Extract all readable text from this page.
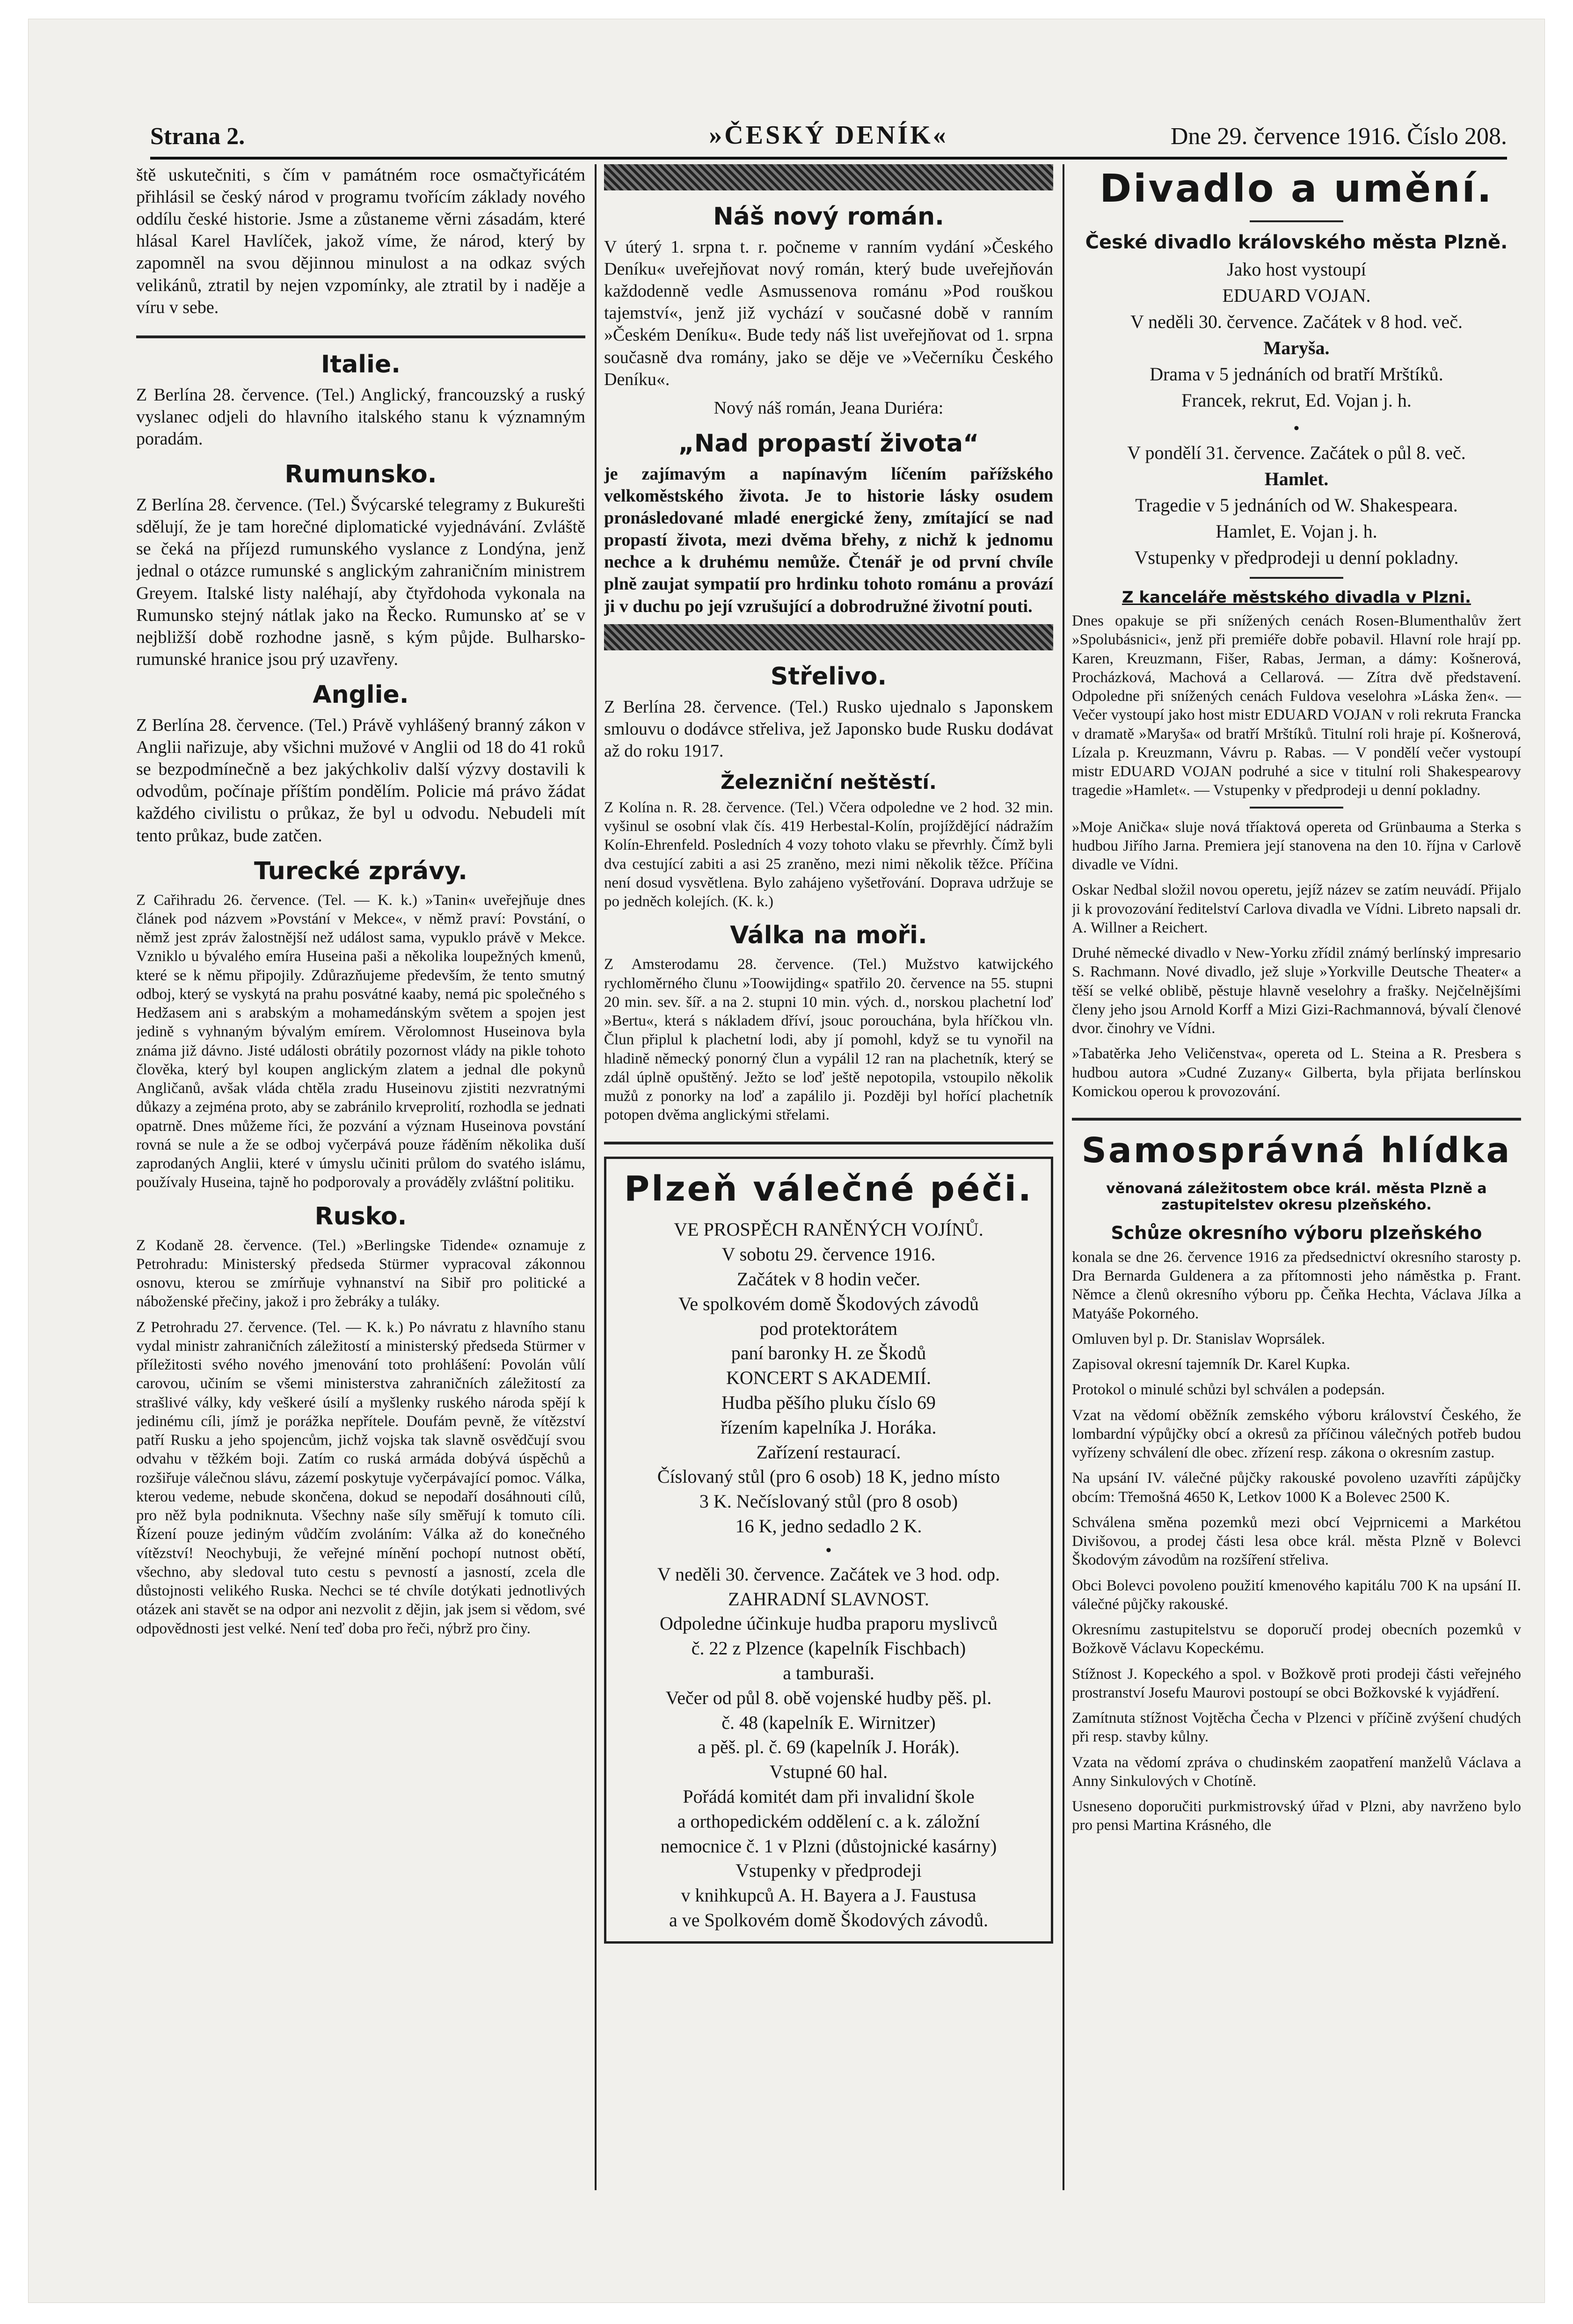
Strana 2.	»ČESKÝ DENÍK«	Dne 29. července 1916. Číslo 208.

ště uskutečniti, s čím v památném roce osmačtyřicátém přihlásil se český národ v programu tvořícím základy nového oddílu české historie. Jsme a zůstaneme věrni zásadám, které hlásal Karel Havlíček, jakož víme, že národ, který by zapomněl na svou dějinnou minulost a na odkaz svých velikánů, ztratil by nejen vzpomínky, ale ztratil by i naděje a víru v sebe.

Italie.

Z Berlína 28. července. (Tel.) Anglický, francouzský a ruský vyslanec odjeli do hlavního italského stanu k významným poradám.

Rumunsko.

Z Berlína 28. července. (Tel.) Švýcarské telegramy z Bukurešti sdělují, že je tam horečné diplomatické vyjednávání. Zvláště se čeká na příjezd rumunského vyslance z Londýna, jenž jednal o otázce rumunské s anglickým zahraničním ministrem Greyem. Italské listy naléhají, aby čtyřdohoda vykonala na Rumunsko stejný nátlak jako na Řecko. Rumunsko ať se v nejbližší době rozhodne jasně, s kým půjde. Bulharsko-rumunské hranice jsou prý uzavřeny.

Anglie.

Z Berlína 28. července. (Tel.) Právě vyhlášený branný zákon v Anglii nařizuje, aby všichni mužové v Anglii od 18 do 41 roků se bezpodmínečně a bez jakýchkoliv další výzvy dostavili k odvodům, počínaje příštím pondělím. Policie má právo žádat každého civilistu o průkaz, že byl u odvodu. Nebudeli mít tento průkaz, bude zatčen.

Turecké zprávy.

Z Cařihradu 26. července. (Tel. — K. k.) »Tanin« uveřejňuje dnes článek pod názvem »Povstání v Mekce«, v němž praví: Povstání, o němž jest zpráv žalostnější než událost sama, vypuklo právě v Mekce. Vzniklo u bývalého emíra Huseina paši a několika loupežných kmenů, které se k němu připojily. Zdůrazňujeme především, že tento smutný odboj, který se vyskytá na prahu posvátné kaaby, nemá pic společného s Hedžasem ani s arabským a mohamedánským světem a spojen jest jedině s vyhnaným bývalým emírem. Věrolomnost Huseinova byla známa již dávno. Jisté události obrátily pozornost vlády na pikle tohoto člověka, který byl koupen anglickým zlatem a jednal dle pokynů Angličanů, avšak vláda chtěla zradu Huseinovu zjistiti nezvratnými důkazy a zejména proto, aby se zabránilo krveprolití, rozhodla se jednati opatrně. Dnes můžeme říci, že pozvání a význam Huseinova povstání rovná se nule a že se odboj vyčerpává pouze řáděním několika duší zaprodaných Anglii, které v úmyslu učiniti průlom do svatého islámu, používaly Huseina, tajně ho podporovaly a prováděly zvláštní politiku.

Rusko.

Z Kodaně 28. července. (Tel.) »Berlingske Tidende« oznamuje z Petrohradu: Ministerský předseda Stürmer vypracoval zákonnou osnovu, kterou se zmírňuje vyhnanství na Sibiř pro politické a náboženské přečiny, jakož i pro žebráky a tuláky.

Z Petrohradu 27. července. (Tel. — K. k.) Po návratu z hlavního stanu vydal ministr zahraničních záležitostí a ministerský předseda Stürmer v příležitosti svého nového jmenování toto prohlášení: Povolán vůlí carovou, učiním se všemi ministerstva zahraničních záležitostí za strašlivé války, kdy veškeré úsilí a myšlenky ruského národa spějí k jedinému cíli, jímž je porážka nepřítele. Doufám pevně, že vítězství patří Rusku a jeho spojencům, jichž vojska tak slavně osvědčují svou odvahu v těžkém boji. Zatím co ruská armáda dobývá úspěchů a rozšiřuje válečnou slávu, zázemí poskytuje vyčerpávající pomoc. Válka, kterou vedeme, nebude skončena, dokud se nepodaří dosáhnouti cílů, pro něž byla podniknuta. Všechny naše síly směřují k tomuto cíli. Řízení pouze jediným vůdčím zvoláním: Válka až do konečného vítězství! Neochybuji, že veřejné mínění pochopí nutnost obětí, všechno, aby sledoval tuto cestu s pevností a jasností, zcela dle důstojnosti velikého Ruska. Nechci se té chvíle dotýkati jednotlivých otázek ani stavět se na odpor ani nezvolit z dějin, jak jsem si vědom, své odpovědnosti jest velké. Není teď doba pro řeči, nýbrž pro činy.

Náš nový román.

V úterý 1. srpna t. r. počneme v ranním vydání »Českého Deníku« uveřejňovat nový román, který bude uveřejňován každodenně vedle Asmussenova románu »Pod rouškou tajemství«, jenž již vychází v současné době v ranním »Českém Deníku«. Bude tedy náš list uveřejňovat od 1. srpna současně dva romány, jako se děje ve »Večerníku Českého Deníku«.

Nový náš román, Jeana Duriéra:

„Nad propastí života“

je zajímavým a napínavým líčením pařížského velkoměstského života. Je to historie lásky osudem pronásledované mladé energické ženy, zmítající se nad propastí života, mezi dvěma břehy, z nichž k jednomu nechce a k druhému nemůže. Čtenář je od první chvíle plně zaujat sympatií pro hrdinku tohoto románu a provází ji v duchu po její vzrušující a dobrodružné životní pouti.

Střelivo.

Z Berlína 28. července. (Tel.) Rusko ujednalo s Japonskem smlouvu o dodávce střeliva, jež Japonsko bude Rusku dodávat až do roku 1917.

Železniční neštěstí.

Z Kolína n. R. 28. července. (Tel.) Včera odpoledne ve 2 hod. 32 min. vyšinul se osobní vlak čís. 419 Herbestal-Kolín, projíždějící nádražím Kolín-Ehrenfeld. Posledních 4 vozy tohoto vlaku se převrhly. Čímž byli dva cestující zabiti a asi 25 zraněno, mezi nimi několik těžce. Příčina není dosud vysvětlena. Bylo zahájeno vyšetřování. Doprava udržuje se po jedněch kolejích. (K. k.)

Válka na moři.

Z Amsterodamu 28. července. (Tel.) Mužstvo katwijckého rychloměrného člunu »Toowijding« spatřilo 20. července na 55. stupni 20 min. sev. šíř. a na 2. stupni 10 min. vých. d., norskou plachetní loď »Bertu«, která s nákladem dříví, jsouc porouchána, byla hříčkou vln. Člun připlul k plachetní lodi, aby jí pomohl, když se tu vynořil na hladině německý ponorný člun a vypálil 12 ran na plachetník, který se zdál úplně opuštěný. Ježto se loď ještě nepotopila, vstoupilo několik mužů z ponorky na loď a zapálilo ji. Později byl hořící plachetník potopen dvěma anglickými střelami.

Plzeň válečné péči.

VE PROSPĚCH RANĚNÝCH VOJÍNŮ.

V sobotu 29. července 1916.

Začátek v 8 hodin večer.

Ve spolkovém domě Škodových závodů

pod protektorátem

paní baronky H. ze Škodů

KONCERT S AKADEMIÍ.

Hudba pěšího pluku číslo 69

řízením kapelníka J. Horáka.

Zařízení restaurací.

Číslovaný stůl (pro 6 osob) 18 K, jedno místo

3 K. Nečíslovaný stůl (pro 8 osob)

16 K, jedno sedadlo 2 K.

•

V neděli 30. července. Začátek ve 3 hod. odp.

ZAHRADNÍ SLAVNOST.

Odpoledne účinkuje hudba praporu myslivců

č. 22 z Plzence (kapelník Fischbach)

a tamburaši.

Večer od půl 8. obě vojenské hudby pěš. pl.

č. 48 (kapelník E. Wirnitzer)

a pěš. pl. č. 69 (kapelník J. Horák).

Vstupné 60 hal.

Pořádá komitét dam při invalidní škole

a orthopedickém oddělení c. a k. záložní

nemocnice č. 1 v Plzni (důstojnické kasárny)

Vstupenky v předprodeji

v knihkupců A. H. Bayera a J. Faustusa

a ve Spolkovém domě Škodových závodů.

Divadlo a umění.
České divadlo královského města Plzně.

Jako host vystoupí

EDUARD VOJAN.

V neděli 30. července. Začátek v 8 hod. več.

Maryša.

Drama v 5 jednáních od bratří Mrštíků.

Francek, rekrut, Ed. Vojan j. h.

•

V pondělí 31. července. Začátek o půl 8. več.

Hamlet.

Tragedie v 5 jednáních od W. Shakespeara.

Hamlet, E. Vojan j. h.

Vstupenky v předprodeji u denní pokladny.

Z kanceláře městského divadla v Plzni.

Dnes opakuje se při snížených cenách Rosen-Blumenthalův žert »Spolubásnici«, jenž při premiéře dobře pobavil. Hlavní role hrají pp. Karen, Kreuzmann, Fišer, Rabas, Jerman, a dámy: Košnerová, Procházková, Machová a Cellarová. — Zítra dvě představení. Odpoledne při snížených cenách Fuldova veselohra »Láska žen«. — Večer vystoupí jako host mistr EDUARD VOJAN v roli rekruta Francka v dramatě »Maryša« od bratří Mrštíků. Titulní roli hraje pí. Košnerová, Lízala p. Kreuzmann, Vávru p. Rabas. — V pondělí večer vystoupí mistr EDUARD VOJAN podruhé a sice v titulní roli Shakespearovy tragedie »Hamlet«. — Vstupenky v předprodeji u denní pokladny.

»Moje Anička« sluje nová tříaktová opereta od Grünbauma a Sterka s hudbou Jiřího Jarna. Premiera její stanovena na den 10. října v Carlově divadle ve Vídni.

Oskar Nedbal složil novou operetu, jejíž název se zatím neuvádí. Přijalo ji k provozování ředitelství Carlova divadla ve Vídni. Libreto napsali dr. A. Willner a Reichert.

Druhé německé divadlo v New-Yorku zřídil známý berlínský impresario S. Rachmann. Nové divadlo, jež sluje »Yorkville Deutsche Theater« a těší se velké oblibě, pěstuje hlavně veselohry a frašky. Nejčelnějšími členy jeho jsou Arnold Korff a Mizi Gizi-Rachmannová, bývalí členové dvor. činohry ve Vídni.

»Tabatěrka Jeho Veličenstva«, opereta od L. Steina a R. Presbera s hudbou autora »Cudné Zuzany« Gilberta, byla přijata berlínskou Komickou operou k provozování.

Samosprávná hlídka
věnovaná záležitostem obce král. města Plzně a zastupitelstev okresu plzeňského.
Schůze okresního výboru plzeňského

konala se dne 26. července 1916 za předsednictví okresního starosty p. Dra Bernarda Guldenera a za přítomnosti jeho náměstka p. Frant. Němce a členů okresního výboru pp. Čeňka Hechta, Václava Jílka a Matyáše Pokorného.

Omluven byl p. Dr. Stanislav Woprsálek.

Zapisoval okresní tajemník Dr. Karel Kupka.

Protokol o minulé schůzi byl schválen a podepsán.

Vzat na vědomí oběžník zemského výboru království Českého, že lombardní výpůjčky obcí a okresů za příčinou válečných potřeb budou vyřízeny schválení dle obec. zřízení resp. zákona o okresním zastup.

Na upsání IV. válečné půjčky rakouské povoleno uzavříti zápůjčky obcím: Třemošná 4650 K, Letkov 1000 K a Bolevec 2500 K.

Schválena směna pozemků mezi obcí Vejprnicemi a Markétou Divišovou, a prodej části lesa obce král. města Plzně v Bolevci Škodovým závodům na rozšíření střeliva.

Obci Bolevci povoleno použití kmenového kapitálu 700 K na upsání II. válečné půjčky rakouské.

Okresnímu zastupitelstvu se doporučí prodej obecních pozemků v Božkově Václavu Kopeckému.

Stížnost J. Kopeckého a spol. v Božkově proti prodeji části veřejného prostranství Josefu Maurovi postoupí se obci Božkovské k vyjádření.

Zamítnuta stížnost Vojtěcha Čecha v Plzenci v příčině zvýšení chudých při resp. stavby kůlny.

Vzata na vědomí zpráva o chudinském zaopatření manželů Václava a Anny Sinkulových v Chotíně.

Usneseno doporučiti purkmistrovský úřad v Plzni, aby navrženo bylo pro pensi Martina Krásného, dle
